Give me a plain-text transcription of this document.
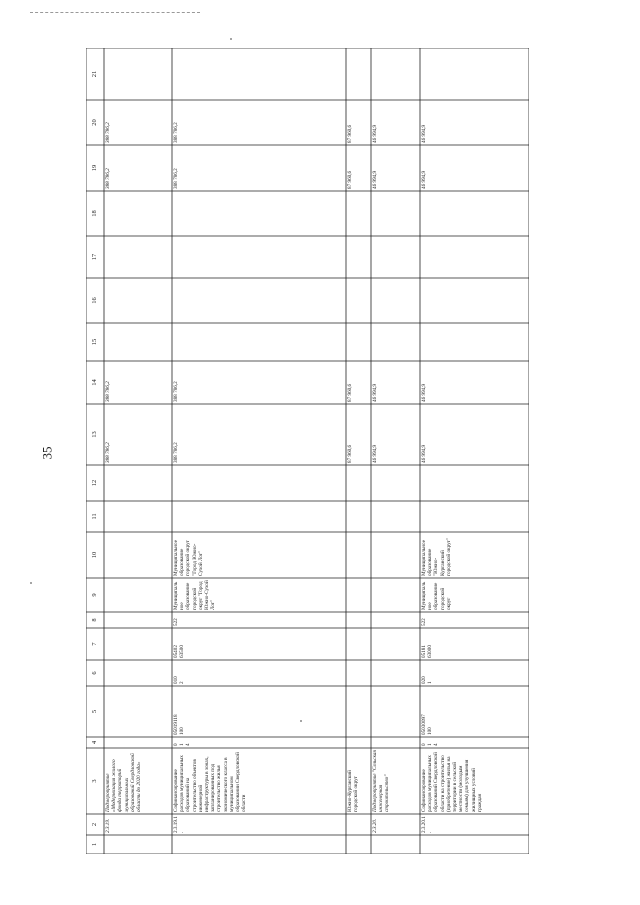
35
1
2
3
4
5
6
7
8
9
10
11
12
13
14
15
16
17
18
19
20
21
2.3.19.
Подмероприятие «Модернизация жилого фонда территорий муниципальных образований Свердловской области до 2020 года»
388 786,2
388 786,2
388 786,2
388 786,2
2.3.19.1.
Софинансирование расходов муниципальных образований на строительство объектов инженерной инфраструктуры в зонах, запланированных под строительство жилья экономического класса в муниципальном образовании Свердловской области
0
1
4
05019118
100
010
2
05402
63500
522
Муниципальное образование городской округ "Город Южно-Сухой Лог"
Муниципальное образование городской округ "Город Южно-Сухой Лог"
388 786,2
388 786,2
388 786,2
388 786,2
Южно-Курганский городской округ
87 960,6
87 960,6
87 960,6
87 960,6
2.3.20.
Подмероприятие "Сельская инженерная строительство"
46 994,9
46 994,9
46 994,9
46 994,9
2.3.20.1.
Софинансирование расходов муниципальных образований Свердловской области на строительство (приобретение) жилья на территории в сельской местности (молодым семьям) для улучшения жилищных условий граждан
0
1
4
05030097
100
020
1
05181
63000
522
Муниципальное образование городской округ
Муниципальное образование "Южно-Курганский городской округ"
46 994,9
46 994,9
46 994,9
46 994,9
